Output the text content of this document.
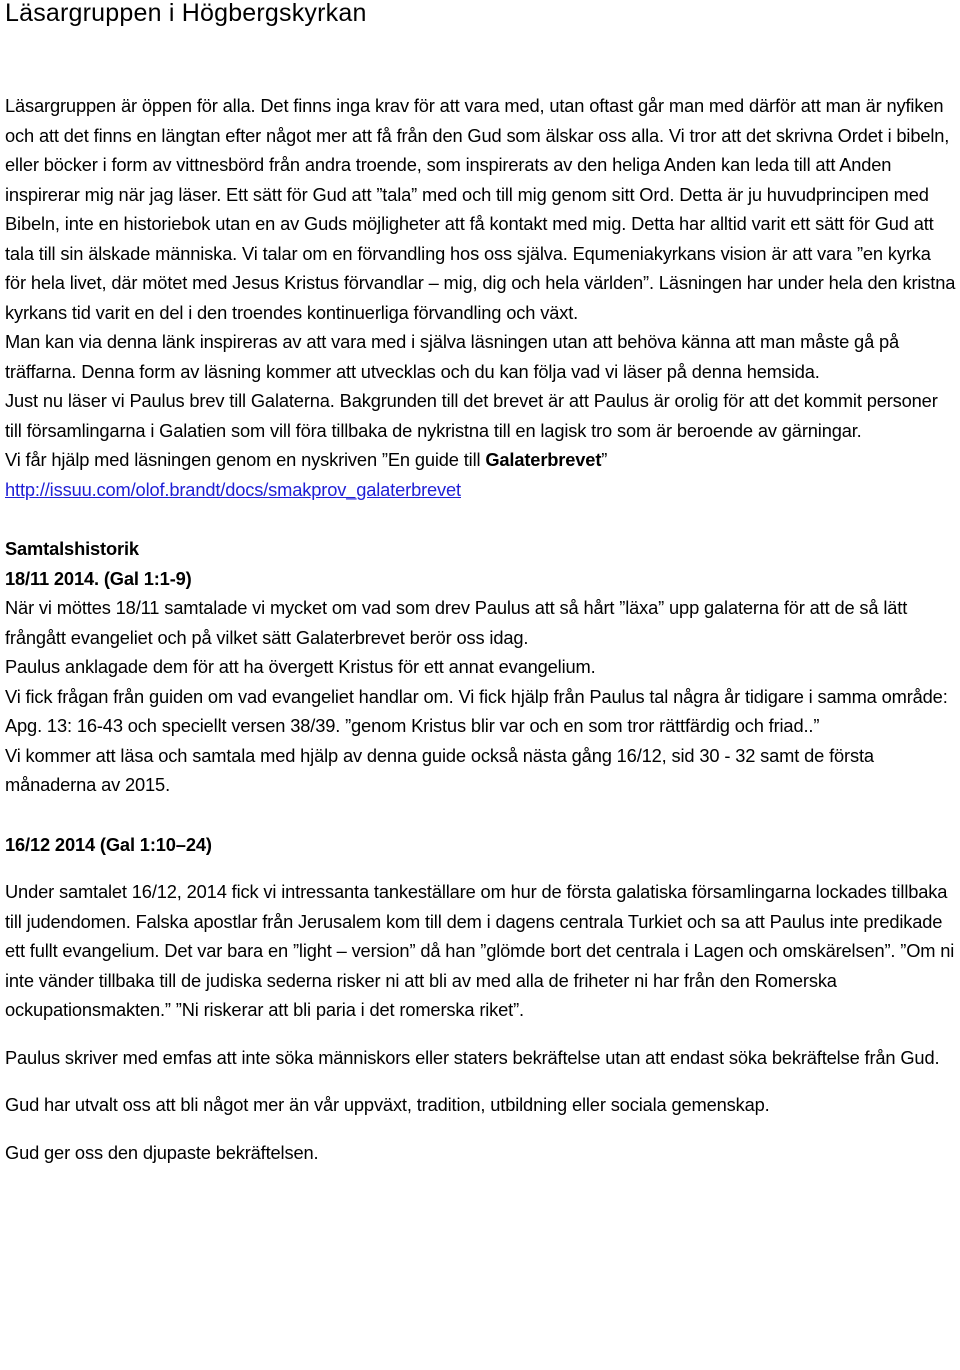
Läsargruppen i Högbergskyrkan

Läsargruppen är öppen för alla. Det finns inga krav för att vara med, utan oftast går man med därför att man är nyfiken och att det finns en längtan efter något mer att få från den Gud som älskar oss alla. Vi tror att det skrivna Ordet i bibeln, eller böcker i form av vittnesbörd från andra troende, som inspirerats av den heliga Anden kan leda till att Anden inspirerar mig när jag läser. Ett sätt för Gud att ”tala” med och till mig genom sitt Ord. Detta är ju huvudprincipen med Bibeln, inte en historiebok utan en av Guds möjligheter att få kontakt med mig. Detta har alltid varit ett sätt för Gud att tala till sin älskade människa. Vi talar om en förvandling hos oss själva. Equmeniakyrkans vision är att vara ”en kyrka för hela livet, där mötet med Jesus Kristus förvandlar – mig, dig och hela världen”. Läsningen har under hela den kristna kyrkans tid varit en del i den troendes kontinuerliga förvandling och växt.

Man kan via denna länk inspireras av att vara med i själva läsningen utan att behöva känna att man måste gå på träffarna. Denna form av läsning kommer att utvecklas och du kan följa vad vi läser på denna hemsida.

Just nu läser vi Paulus brev till Galaterna. Bakgrunden till det brevet är att Paulus är orolig för att det kommit personer till församlingarna i Galatien som vill föra tillbaka de nykristna till en lagisk tro som är beroende av gärningar.

Vi får hjälp med läsningen genom en nyskriven ”En guide till Galaterbrevet”

http://issuu.com/olof.brandt/docs/smakprov_galaterbrevet

Samtalshistorik

18/11 2014. (Gal 1:1-9)

När vi möttes 18/11 samtalade vi mycket om vad som drev Paulus att så hårt ”läxa” upp galaterna för att de så lätt frångått evangeliet och på vilket sätt Galaterbrevet berör oss idag.

Paulus anklagade dem för att ha övergett Kristus för ett annat evangelium.

Vi fick frågan från guiden om vad evangeliet handlar om. Vi fick hjälp från Paulus tal några år tidigare i samma område: Apg. 13: 16-43 och speciellt versen 38/39. ”genom Kristus blir var och en som tror rättfärdig och friad..”

Vi kommer att läsa och samtala med hjälp av denna guide också nästa gång 16/12, sid 30 - 32 samt de första månaderna av 2015.

16/12 2014 (Gal 1:10–24)

Under samtalet 16/12, 2014 fick vi intressanta tankeställare om hur de första galatiska församlingarna lockades tillbaka till judendomen. Falska apostlar från Jerusalem kom till dem i dagens centrala Turkiet och sa att Paulus inte predikade ett fullt evangelium. Det var bara en ”light – version” då han ”glömde bort det centrala i Lagen och omskärelsen”. ”Om ni inte vänder tillbaka till de judiska sederna risker ni att bli av med alla de friheter ni har från den Romerska ockupationsmakten.” ”Ni riskerar att bli paria i det romerska riket”.

Paulus skriver med emfas att inte söka människors eller staters bekräftelse utan att endast söka bekräftelse från Gud.

Gud har utvalt oss att bli något mer än vår uppväxt, tradition, utbildning eller sociala gemenskap.

Gud ger oss den djupaste bekräftelsen.
